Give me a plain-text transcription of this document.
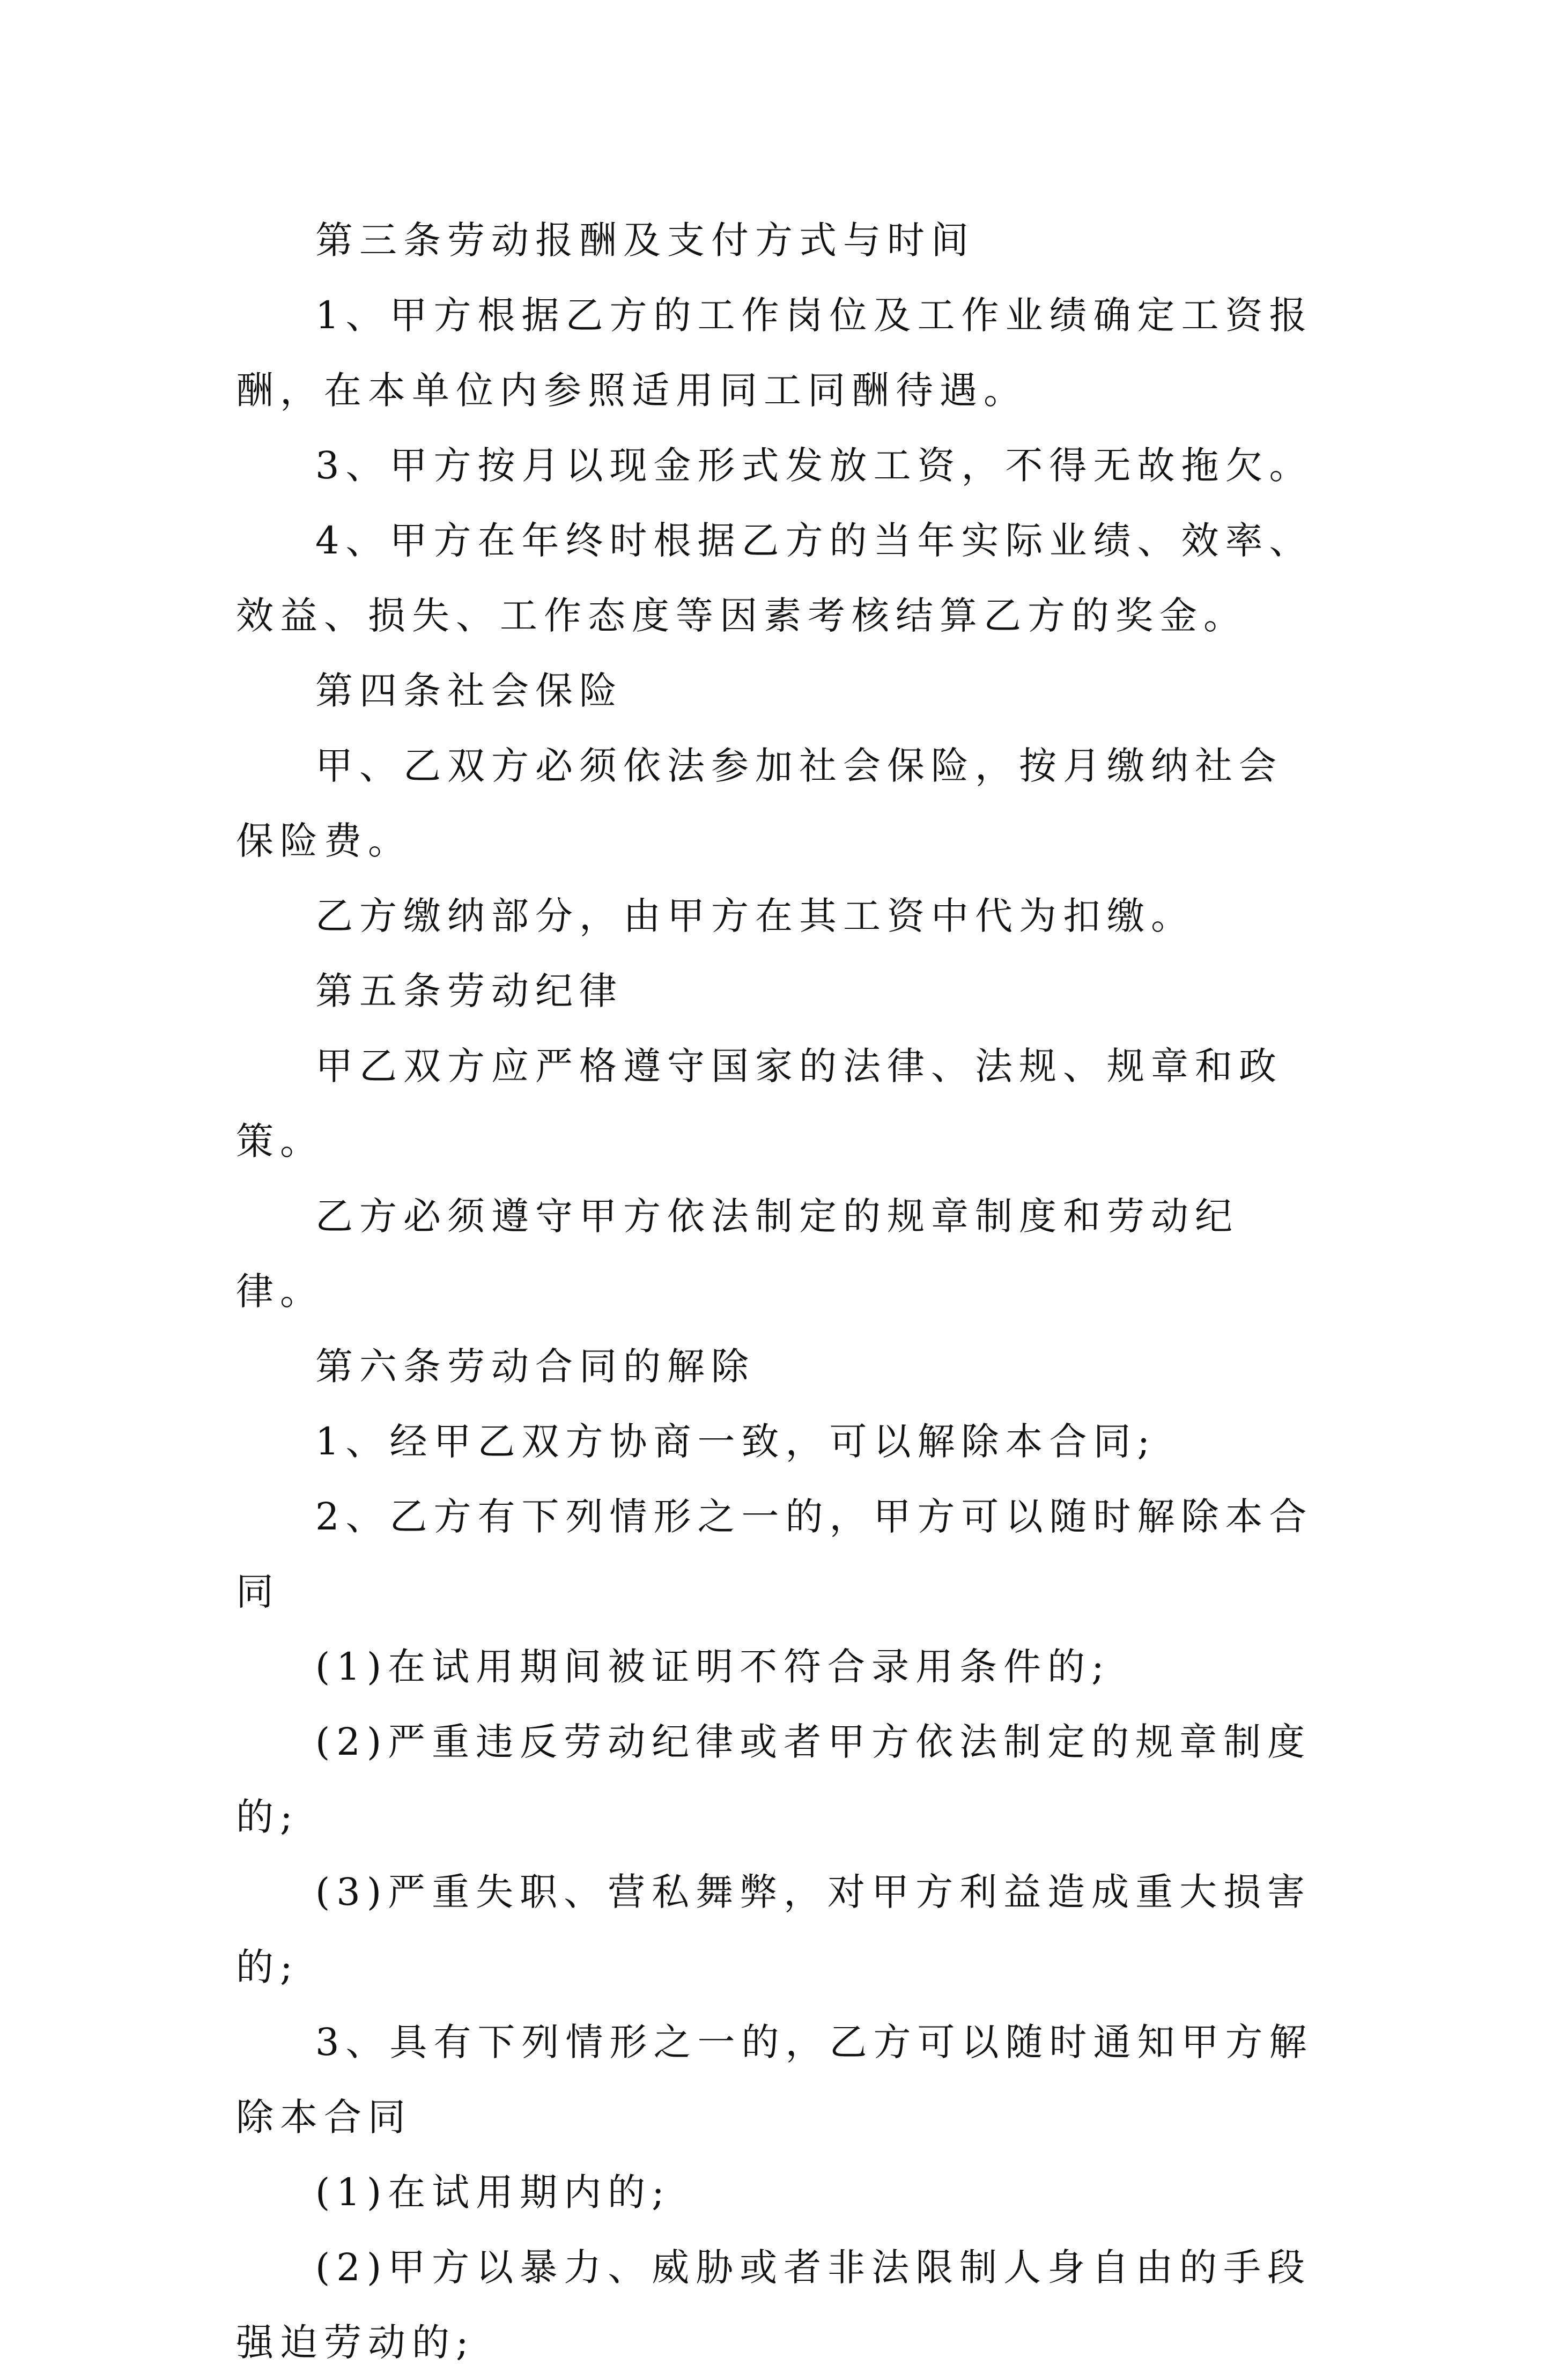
第三条劳动报酬及支付方式与时间

1、甲方根据乙方的工作岗位及工作业绩确定工资报酬，在本单位内参照适用同工同酬待遇。

3、甲方按月以现金形式发放工资，不得无故拖欠。

4、甲方在年终时根据乙方的当年实际业绩、效率、效益、损失、工作态度等因素考核结算乙方的奖金。

第四条社会保险

甲、乙双方必须依法参加社会保险，按月缴纳社会保险费。

乙方缴纳部分，由甲方在其工资中代为扣缴。

第五条劳动纪律

甲乙双方应严格遵守国家的法律、法规、规章和政策。

乙方必须遵守甲方依法制定的规章制度和劳动纪律。

第六条劳动合同的解除

1、经甲乙双方协商一致，可以解除本合同;

2、乙方有下列情形之一的，甲方可以随时解除本合同

(1)在试用期间被证明不符合录用条件的;

(2)严重违反劳动纪律或者甲方依法制定的规章制度的;

(3)严重失职、营私舞弊，对甲方利益造成重大损害的;

3、具有下列情形之一的，乙方可以随时通知甲方解除本合同

(1)在试用期内的;

(2)甲方以暴力、威胁或者非法限制人身自由的手段强迫劳动的;
